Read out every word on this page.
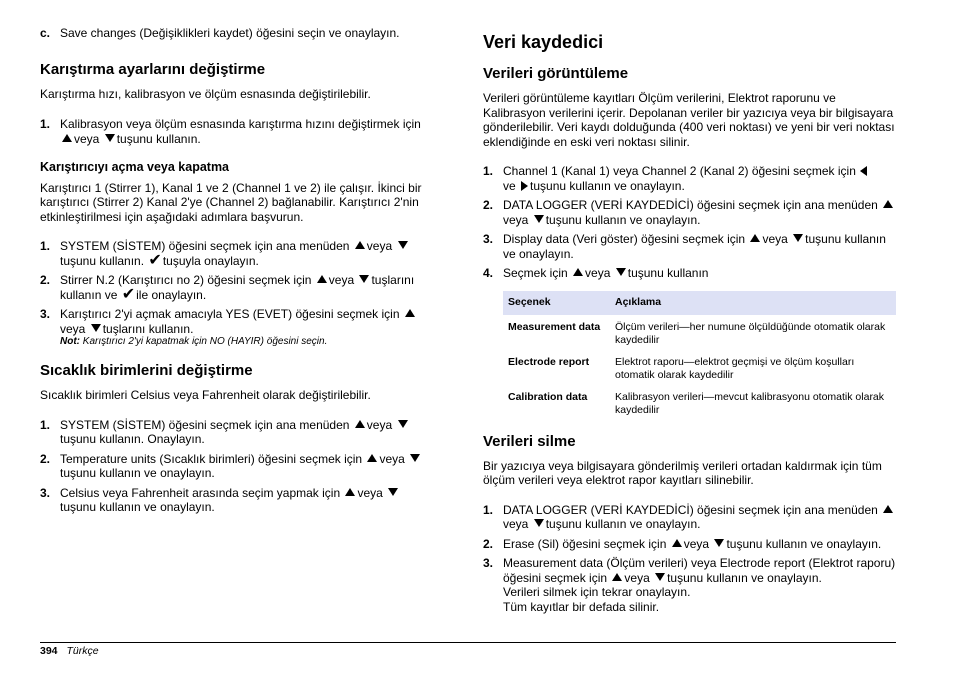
c. Save changes (Değişiklikleri kaydet) öğesini seçin ve onaylayın.
Karıştırma ayarlarını değiştirme

Karıştırma hızı, kalibrasyon ve ölçüm esnasında değiştirilebilir.

1. Kalibrasyon veya ölçüm esnasında karıştırma hızını değiştirmek için
veya tuşunu kullanın.
Karıştırıcıyı açma veya kapatma

Karıştırıcı 1 (Stirrer 1), Kanal 1 ve 2 (Channel 1 ve 2) ile çalışır. İkinci bir karıştırıcı (Stirrer 2) Kanal 2'ye (Channel 2) bağlanabilir. Karıştırıcı 2'nin etkinleştirilmesi için aşağıdaki adımlara başvurun.

1. SYSTEM (SİSTEM) öğesini seçmek için ana menüden veya
tuşunu kullanın. ✔tuşuyla onaylayın.
2. Stirrer N.2 (Karıştırıcı no 2) öğesini seçmek için veya tuşlarını kullanın ve ✔ile onaylayın.
3. Karıştırıcı 2'yi açmak amacıyla YES (EVET) öğesini seçmek için
veya tuşlarını kullanın.
Not: Karıştırıcı 2'yi kapatmak için NO (HAYIR) öğesini seçin.
Sıcaklık birimlerini değiştirme

Sıcaklık birimleri Celsius veya Fahrenheit olarak değiştirilebilir.

1. SYSTEM (SİSTEM) öğesini seçmek için ana menüden veya
tuşunu kullanın. Onaylayın.
2. Temperature units (Sıcaklık birimleri) öğesini seçmek için veya
tuşunu kullanın ve onaylayın.
3. Celsius veya Fahrenheit arasında seçim yapmak için veya
tuşunu kullanın ve onaylayın.
Veri kaydedici
Verileri görüntüleme

Verileri görüntüleme kayıtları Ölçüm verilerini, Elektrot raporunu ve Kalibrasyon verilerini içerir. Depolanan veriler bir yazıcıya veya bir bilgisayara gönderilebilir. Veri kaydı dolduğunda (400 veri noktası) ve yeni bir veri noktası eklendiğinde en eski veri noktası silinir.

1. Channel 1 (Kanal 1) veya Channel 2 (Kanal 2) öğesini seçmek için
ve tuşunu kullanın ve onaylayın.
2. DATA LOGGER (VERİ KAYDEDİCİ) öğesini seçmek için ana menüden veya tuşunu kullanın ve onaylayın.
3. Display data (Veri göster) öğesini seçmek için veya tuşunu kullanın ve onaylayın.
4. Seçmek için veya tuşunu kullanın
Seçenek	Açıklama
Measurement data	Ölçüm verileri—her numune ölçüldüğünde otomatik olarak kaydedilir
Electrode report	Elektrot raporu—elektrot geçmişi ve ölçüm koşulları otomatik olarak kaydedilir
Calibration data	Kalibrasyon verileri—mevcut kalibrasyonu otomatik olarak kaydedilir
Verileri silme

Bir yazıcıya veya bilgisayara gönderilmiş verileri ortadan kaldırmak için tüm ölçüm verileri veya elektrot rapor kayıtları silinebilir.

1. DATA LOGGER (VERİ KAYDEDİCİ) öğesini seçmek için ana menüden veya tuşunu kullanın ve onaylayın.
2. Erase (Sil) öğesini seçmek için veya tuşunu kullanın ve onaylayın.
3. Measurement data (Ölçüm verileri) veya Electrode report (Elektrot raporu) öğesini seçmek için veya tuşunu kullanın ve onaylayın.
Verileri silmek için tekrar onaylayın.
Tüm kayıtlar bir defada silinir.
394 Türkçe
